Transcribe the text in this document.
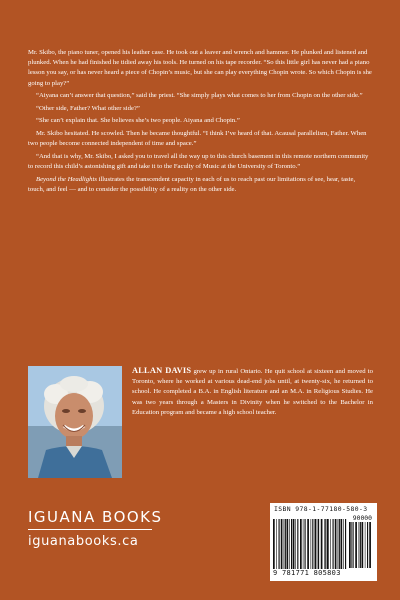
Mr. Skibo, the piano tuner, opened his leather case. He took out a leaver and wrench and hammer. He plunked and listened and plunked. When he had finished he tidied away his tools. He turned on his tape recorder. “So this little girl has never had a piano lesson you say, or has never heard a piece of Chopin’s music, but she can play everything Chopin wrote. So which Chopin is she going to play?”

“Aiyana can’t answer that question,” said the priest. “She simply plays what comes to her from Chopin on the other side.”

“Other side, Father? What other side?”

“She can’t explain that. She believes she’s two people. Aiyana and Chopin.”

Mr. Skibo hesitated. He scowled. Then he became thoughtful. “I think I’ve heard of that. Acausal parallelism, Father. When two people become connected independent of time and space.”

“And that is why, Mr. Skibo, I asked you to travel all the way up to this church basement in this remote northern community to record this child’s astonishing gift and take it to the Faculty of Music at the University of Toronto.”

Beyond the Headlights illustrates the transcendent capacity in each of us to reach past our limitations of see, hear, taste, touch, and feel — and to consider the possibility of a reality on the other side.

ALLAN DAVIS grew up in rural Ontario. He quit school at sixteen and moved to Toronto, where he worked at various dead-end jobs until, at twenty-six, he returned to school. He completed a B.A. in English literature and an M.A. in Religious Studies. He was two years through a Masters in Divinity when he switched to the Bachelor in Education program and became a high school teacher.
IGUANA BOOKS
iguanabooks.ca
ISBN 978-1-77180-580-3
90000
9 781771 805803
